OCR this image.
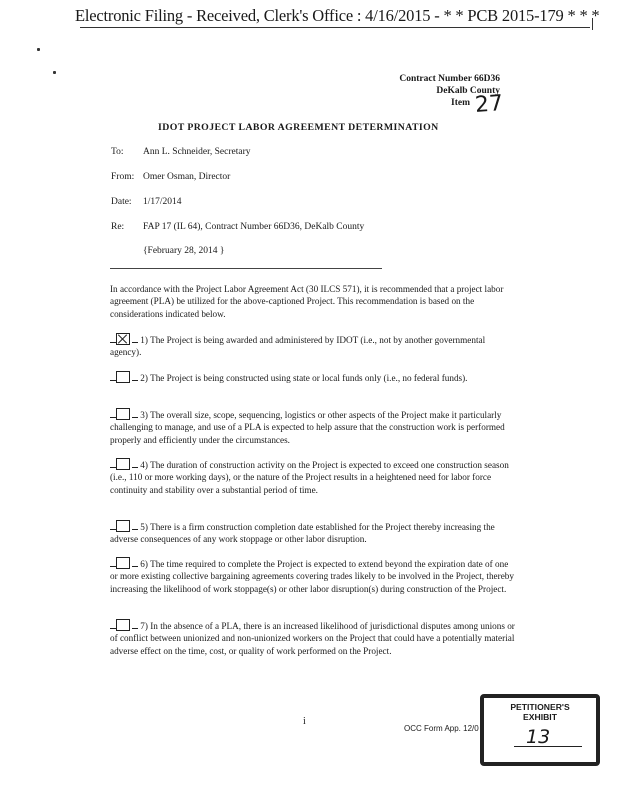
Electronic Filing - Received, Clerk's Office : 4/16/2015 - * * PCB 2015-179 * * *
Contract Number 66D36
DeKalb County
Item 27
IDOT PROJECT LABOR AGREEMENT DETERMINATION
To: Ann L. Schneider, Secretary
From: Omer Osman, Director
Date: 1/17/2014
Re: FAP 17 (IL 64), Contract Number 66D36, DeKalb County
{February 28, 2014 }
In accordance with the Project Labor Agreement Act (30 ILCS 571), it is recommended that a project labor agreement (PLA) be utilized for the above-captioned Project. This recommendation is based on the considerations indicated below.
1) The Project is being awarded and administered by IDOT (i.e., not by another governmental agency).
2) The Project is being constructed using state or local funds only (i.e., no federal funds).
3) The overall size, scope, sequencing, logistics or other aspects of the Project make it particularly challenging to manage, and use of a PLA is expected to help assure that the construction work is performed properly and efficiently under the circumstances.
4) The duration of construction activity on the Project is expected to exceed one construction season (i.e., 110 or more working days), or the nature of the Project results in a heightened need for labor force continuity and stability over a substantial period of time.
5) There is a firm construction completion date established for the Project thereby increasing the adverse consequences of any work stoppage or other labor disruption.
6) The time required to complete the Project is expected to extend beyond the expiration date of one or more existing collective bargaining agreements covering trades likely to be involved in the Project, thereby increasing the likelihood of work stoppage(s) or other labor disruption(s) during construction of the Project.
7) In the absence of a PLA, there is an increased likelihood of jurisdictional disputes among unions or of conflict between unionized and non-unionized workers on the Project that could have a potentially material adverse effect on the time, cost, or quality of work performed on the Project.
i
OCC Form App. 12/0
PETITIONER'S
EXHIBIT
13
